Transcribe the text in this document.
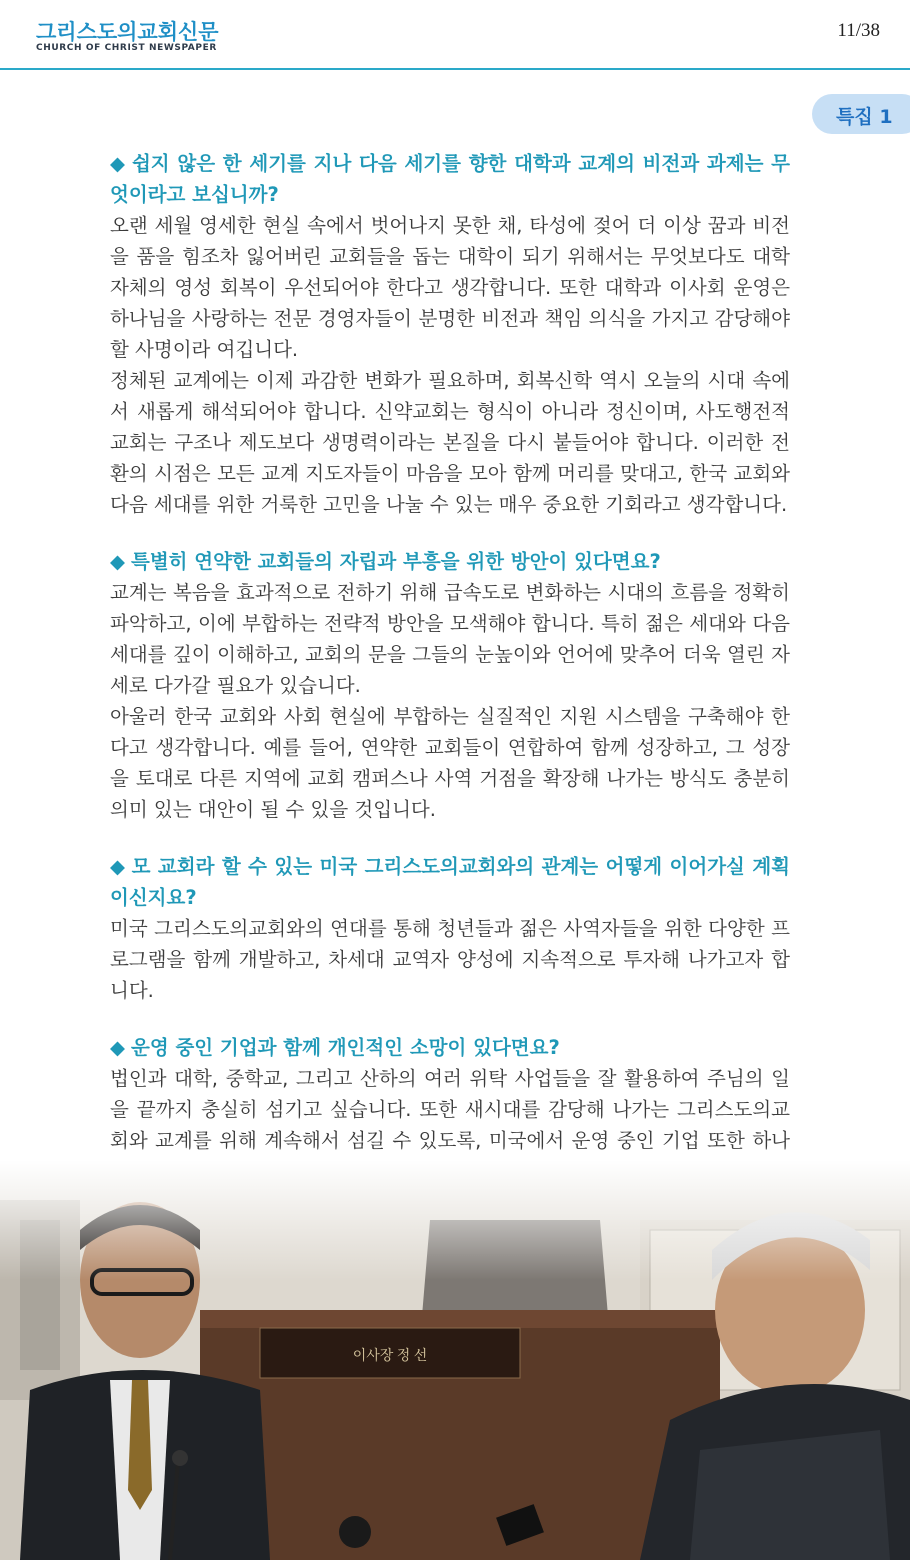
그리스도의교회신문
CHURCH OF CHRIST NEWSPAPER
11/38
특집 1

◆ 쉽지 않은 한 세기를 지나 다음 세기를 향한 대학과 교계의 비전과 과제는 무엇이라고 보십니까?

오랜 세월 영세한 현실 속에서 벗어나지 못한 채, 타성에 젖어 더 이상 꿈과 비전을 품을 힘조차 잃어버린 교회들을 돕는 대학이 되기 위해서는 무엇보다도 대학 자체의 영성 회복이 우선되어야 한다고 생각합니다. 또한 대학과 이사회 운영은 하나님을 사랑하는 전문 경영자들이 분명한 비전과 책임 의식을 가지고 감당해야 할 사명이라 여깁니다.

정체된 교계에는 이제 과감한 변화가 필요하며, 회복신학 역시 오늘의 시대 속에서 새롭게 해석되어야 합니다. 신약교회는 형식이 아니라 정신이며, 사도행전적 교회는 구조나 제도보다 생명력이라는 본질을 다시 붙들어야 합니다. 이러한 전환의 시점은 모든 교계 지도자들이 마음을 모아 함께 머리를 맞대고, 한국 교회와 다음 세대를 위한 거룩한 고민을 나눌 수 있는 매우 중요한 기회라고 생각합니다.

◆ 특별히 연약한 교회들의 자립과 부흥을 위한 방안이 있다면요?

교계는 복음을 효과적으로 전하기 위해 급속도로 변화하는 시대의 흐름을 정확히 파악하고, 이에 부합하는 전략적 방안을 모색해야 합니다. 특히 젊은 세대와 다음 세대를 깊이 이해하고, 교회의 문을 그들의 눈높이와 언어에 맞추어 더욱 열린 자세로 다가갈 필요가 있습니다.

아울러 한국 교회와 사회 현실에 부합하는 실질적인 지원 시스템을 구축해야 한다고 생각합니다. 예를 들어, 연약한 교회들이 연합하여 함께 성장하고, 그 성장을 토대로 다른 지역에 교회 캠퍼스나 사역 거점을 확장해 나가는 방식도 충분히 의미 있는 대안이 될 수 있을 것입니다.

◆ 모 교회라 할 수 있는 미국 그리스도의교회와의 관계는 어떻게 이어가실 계획이신지요?

미국 그리스도의교회와의 연대를 통해 청년들과 젊은 사역자들을 위한 다양한 프로그램을 함께 개발하고, 차세대 교역자 양성에 지속적으로 투자해 나가고자 합니다.

◆ 운영 중인 기업과 함께 개인적인 소망이 있다면요?

법인과 대학, 중학교, 그리고 산하의 여러 위탁 사업들을 잘 활용하여 주님의 일을 끝까지 충실히 섬기고 싶습니다. 또한 새시대를 감당해 나가는 그리스도의교회와 교계를 위해 계속해서 섬길 수 있도록, 미국에서 운영 중인 기업 또한 하나

이사장 정 선
